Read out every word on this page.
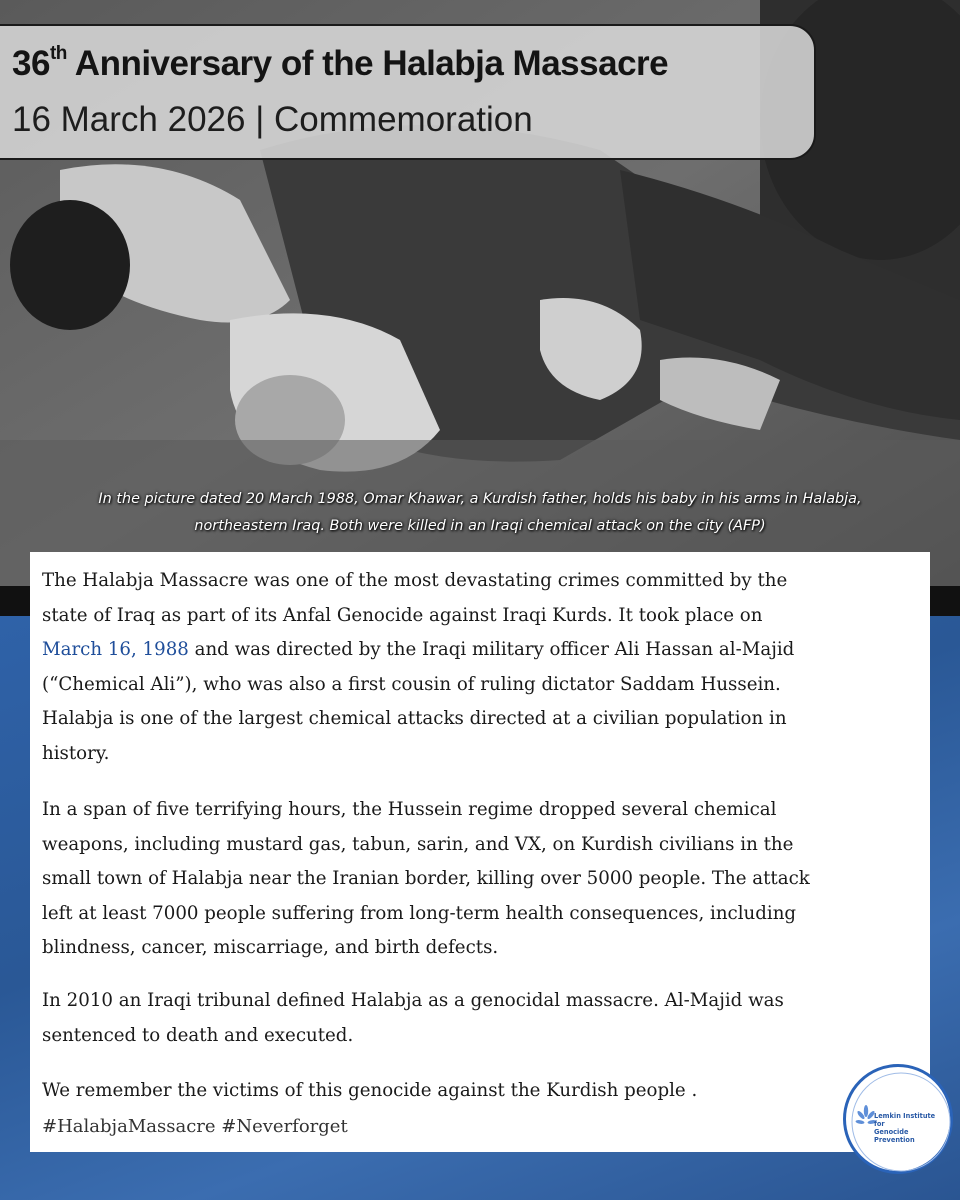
36th Anniversary of the Halabja Massacre
16 March 2026 | Commemoration
In the picture dated 20 March 1988, Omar Khawar, a Kurdish father, holds his baby in his arms in Halabja,
northeastern Iraq. Both were killed in an Iraqi chemical attack on the city (AFP)
The Halabja Massacre was one of the most devastating crimes committed by the
state of Iraq as part of its Anfal Genocide against Iraqi Kurds. It took place on
March 16, 1988 and was directed by the Iraqi military officer Ali Hassan al-Majid
(“Chemical Ali”), who was also a first cousin of ruling dictator Saddam Hussein.
Halabja is one of the largest chemical attacks directed at a civilian population in
history.
In a span of five terrifying hours, the Hussein regime dropped several chemical
weapons, including mustard gas, tabun, sarin, and VX, on Kurdish civilians in the
small town of Halabja near the Iranian border, killing over 5000 people. The attack
left at least 7000 people suffering from long-term health consequences, including
blindness, cancer, miscarriage, and birth defects.
In 2010 an Iraqi tribunal defined Halabja as a genocidal massacre. Al-Majid was
sentenced to death and executed.
We remember the victims of this genocide against the Kurdish people .
#HalabjaMassacre #Neverforget	Lemkin Institute for
Genocide Prevention
